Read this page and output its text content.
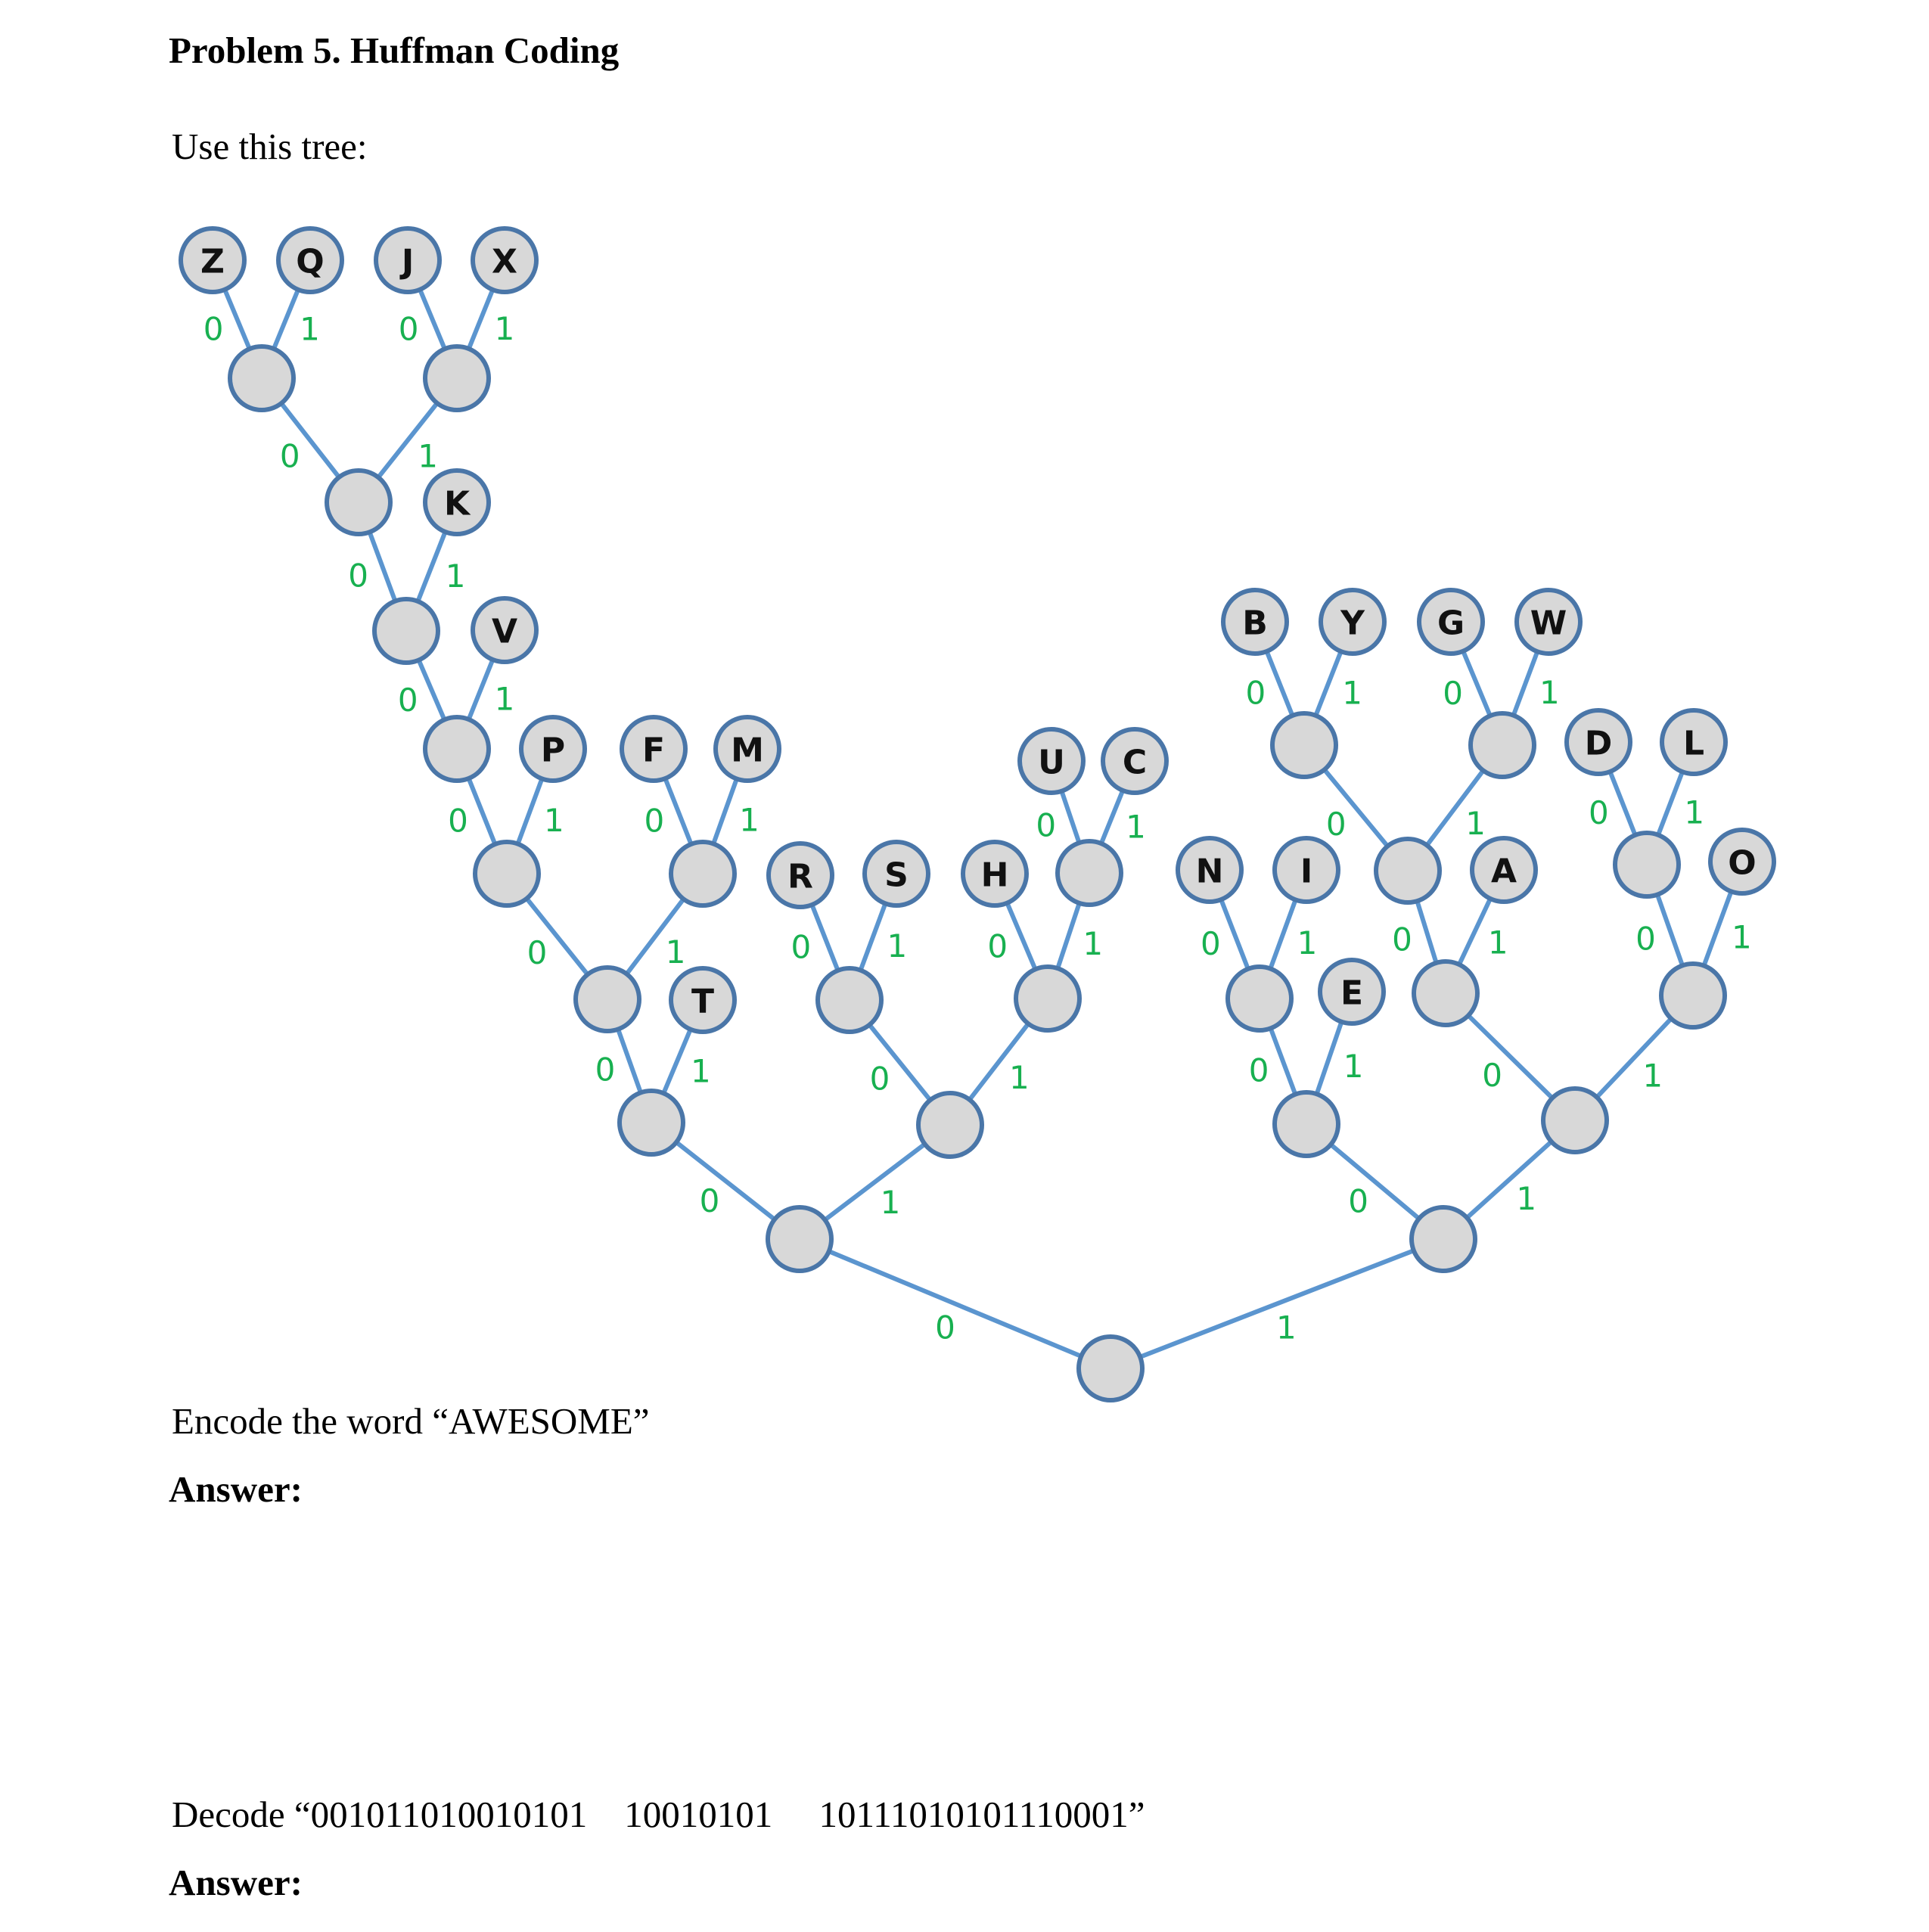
Problem 5. Huffman Coding

Use this tree:

L
T
P
V
K
Z Q J X
F M
R S H
U C
E
N I	A
B Y G W
O
D
0	1
0	1
0 1
0	1
0 1
0 1
0 1
0	1
0 1 0 1
0 1
0	1
0 1	0 1
0 1
0	1
0 1
0 1
0	1
0 1
0	1
0 1	0 1
0 1
0 1

Encode the word “AWESOME”

Answer:

Decode “001011010010101    10010101     10111010101110001”

Answer:
